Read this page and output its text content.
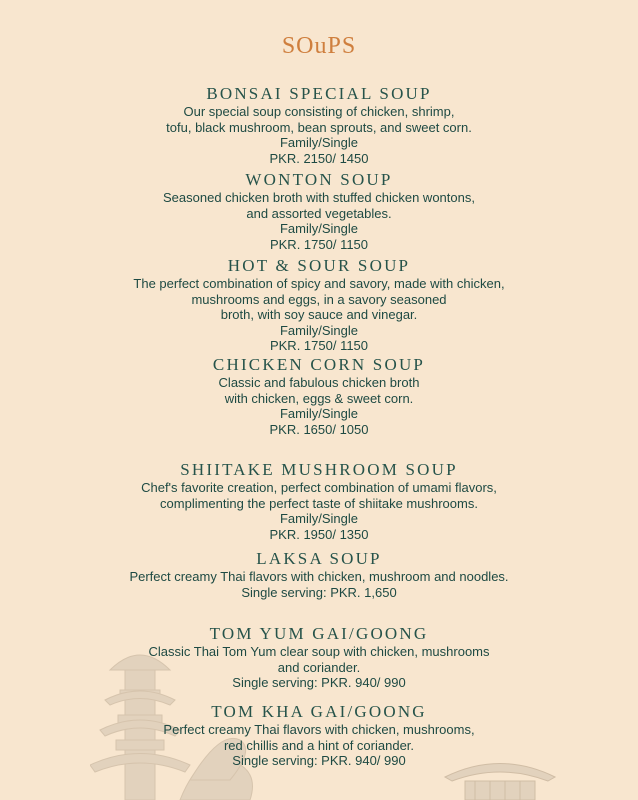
SOuPS
BONSAI SPECIAL SOUP
Our special soup consisting of chicken, shrimp,
tofu, black mushroom, bean sprouts, and sweet corn.
Family/Single
PKR. 2150/ 1450
WONTON SOUP
Seasoned chicken broth with stuffed chicken wontons,
and assorted vegetables.
Family/Single
PKR. 1750/ 1150
HOT & SOUR SOUP
The perfect combination of spicy and savory, made with chicken,
mushrooms and eggs, in a savory seasoned
broth, with soy sauce and vinegar.
Family/Single
PKR. 1750/ 1150
CHICKEN CORN SOUP
Classic and fabulous chicken broth
with chicken, eggs & sweet corn.
Family/Single
PKR. 1650/ 1050
SHIITAKE MUSHROOM SOUP
Chef's favorite creation, perfect combination of umami flavors,
complimenting the perfect taste of shiitake mushrooms.
Family/Single
PKR. 1950/ 1350
LAKSA SOUP
Perfect creamy Thai flavors with chicken, mushroom and noodles.
Single serving: PKR. 1,650
TOM YUM GAI/GOONG
Classic Thai Tom Yum clear soup with chicken, mushrooms
and coriander.
Single serving: PKR. 940/ 990
TOM KHA GAI/GOONG
Perfect creamy Thai flavors with chicken, mushrooms,
red chillis and a hint of coriander.
Single serving: PKR. 940/ 990
